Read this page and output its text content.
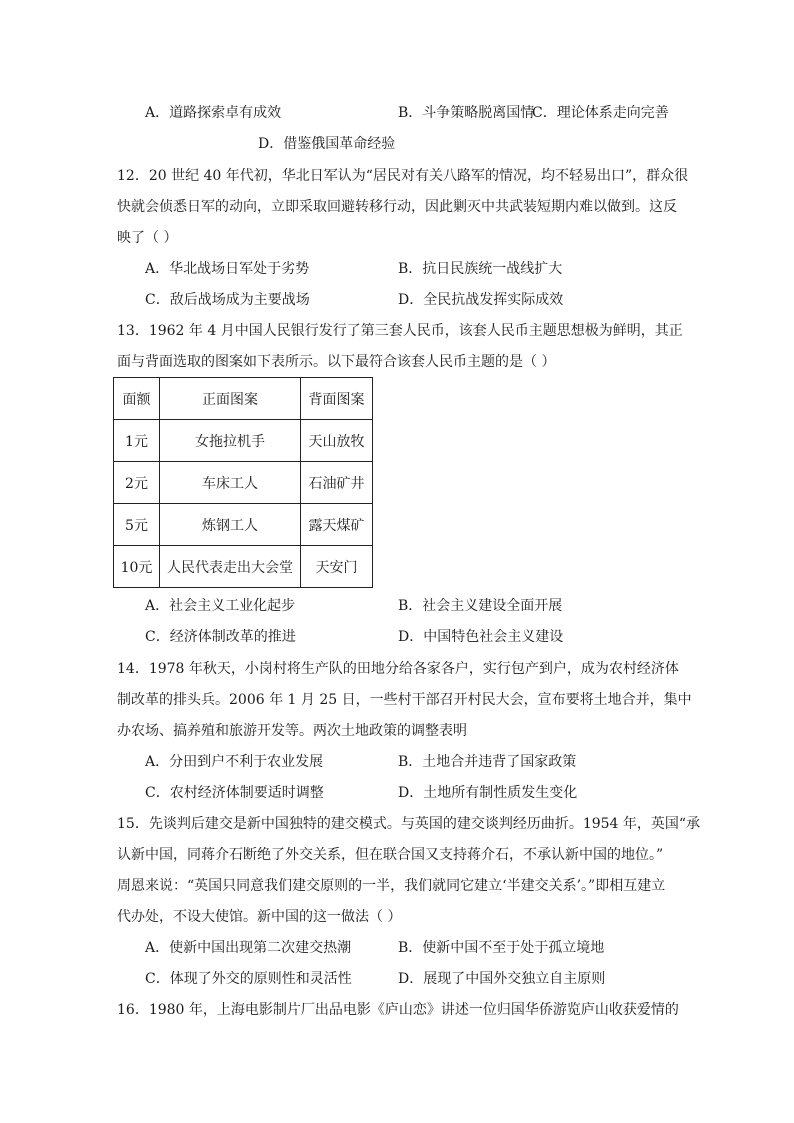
A．道路探索卓有成效	B．斗争策略脱离国情
C．理论体系走向完善
D．借鉴俄国革命经验
12．20 世纪 40 年代初，华北日军认为“居民对有关八路军的情况，均不轻易出口”，群众很
快就会侦悉日军的动向，立即采取回避转移行动，因此剿灭中共武装短期内难以做到。这反
映了（ ）
A．华北战场日军处于劣势	B．抗日民族统一战线扩大
C．敌后战场成为主要战场	D．全民抗战发挥实际成效
13．1962 年 4 月中国人民银行发行了第三套人民币，该套人民币主题思想极为鲜明，其正
面与背面选取的图案如下表所示。以下最符合该套人民币主题的是（ ）
面额	正面图案	背面图案
1元	女拖拉机手	天山放牧
2元	车床工人	石油矿井
5元	炼钢工人	露天煤矿
10元	人民代表走出大会堂	天安门
A．社会主义工业化起步	B．社会主义建设全面开展
C．经济体制改革的推进	D．中国特色社会主义建设
14．1978 年秋天，小岗村将生产队的田地分给各家各户，实行包产到户，成为农村经济体
制改革的排头兵。2006 年 1 月 25 日，一些村干部召开村民大会，宣布要将土地合并，集中
办农场、搞养殖和旅游开发等。两次土地政策的调整表明
A．分田到户不利于农业发展	B．土地合并违背了国家政策
C．农村经济体制要适时调整	D．土地所有制性质发生变化
15．先谈判后建交是新中国独特的建交模式。与英国的建交谈判经历曲折。1954 年，英国“承
认新中国，同蒋介石断绝了外交关系，但在联合国又支持蒋介石，不承认新中国的地位。”
周恩来说：“英国只同意我们建交原则的一半，我们就同它建立‘半建交关系’。”即相互建立
代办处，不设大使馆。新中国的这一做法（ ）
A．使新中国出现第二次建交热潮	B．使新中国不至于处于孤立境地
C．体现了外交的原则性和灵活性	D．展现了中国外交独立自主原则
16．1980 年，上海电影制片厂出品电影《庐山恋》讲述一位归国华侨游览庐山收获爱情的
